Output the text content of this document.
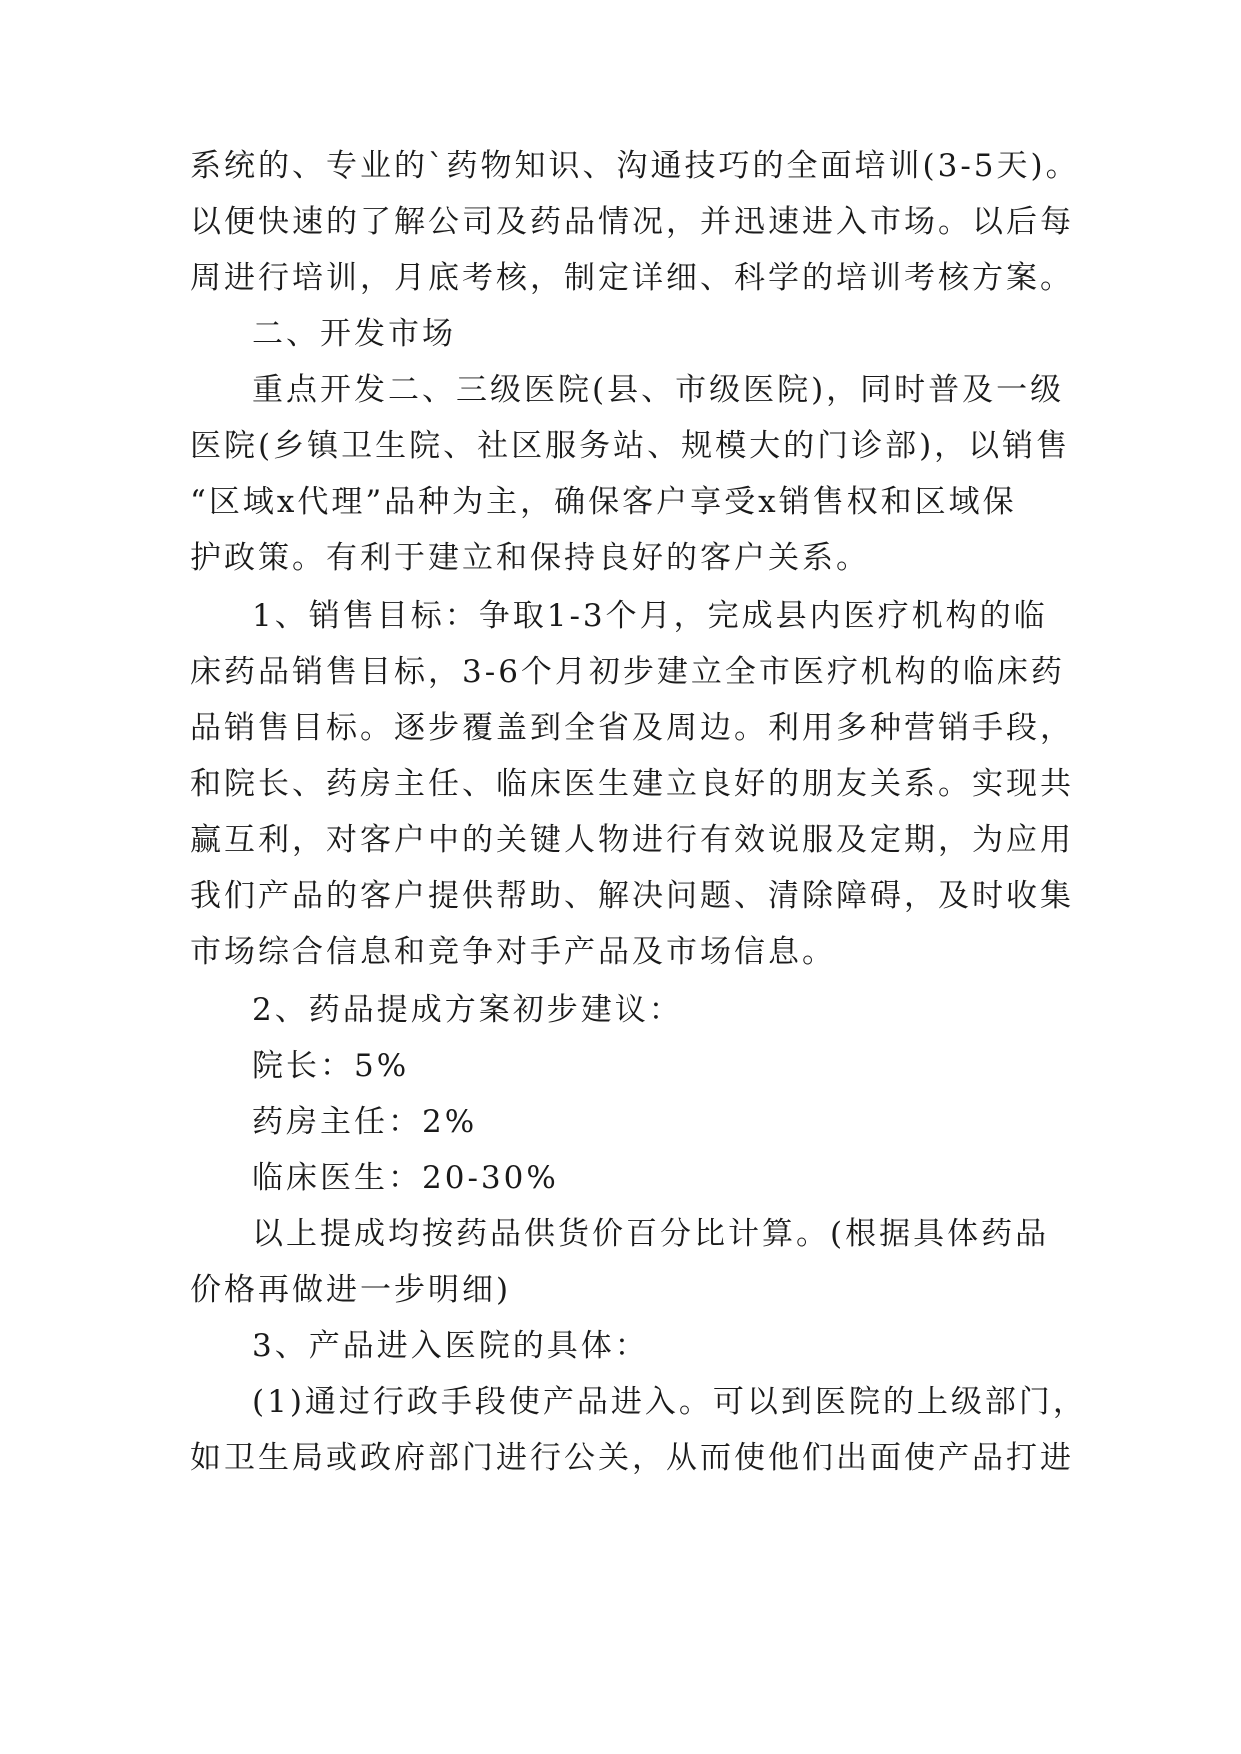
系统的、专业的`药物知识、沟通技巧的全面培训(3-5天)。
以便快速的了解公司及药品情况，并迅速进入市场。以后每
周进行培训，月底考核，制定详细、科学的培训考核方案。
二、开发市场
重点开发二、三级医院(县、市级医院)，同时普及一级
医院(乡镇卫生院、社区服务站、规模大的门诊部)，以销售
“区域x代理”品种为主，确保客户享受x销售权和区域保
护政策。有利于建立和保持良好的客户关系。
1、销售目标：争取1-3个月，完成县内医疗机构的临
床药品销售目标，3-6个月初步建立全市医疗机构的临床药
品销售目标。逐步覆盖到全省及周边。利用多种营销手段，
和院长、药房主任、临床医生建立良好的朋友关系。实现共
赢互利，对客户中的关键人物进行有效说服及定期，为应用
我们产品的客户提供帮助、解决问题、清除障碍，及时收集
市场综合信息和竞争对手产品及市场信息。
2、药品提成方案初步建议：
院长：5%
药房主任：2%
临床医生：20-30%
以上提成均按药品供货价百分比计算。(根据具体药品
价格再做进一步明细)
3、产品进入医院的具体：
(1)通过行政手段使产品进入。可以到医院的上级部门，
如卫生局或政府部门进行公关，从而使他们出面使产品打进
